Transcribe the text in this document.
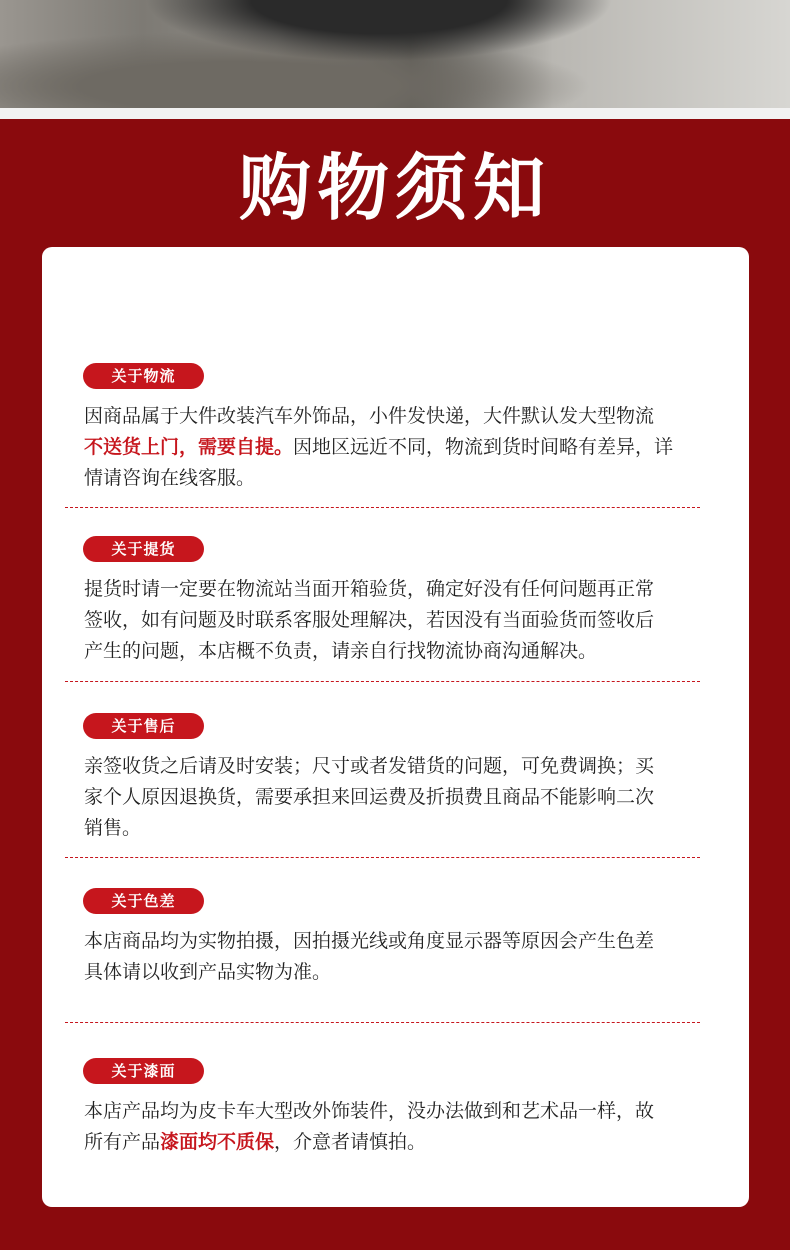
购物须知
关于物流
因商品属于大件改装汽车外饰品，小件发快递，大件默认发大型物流
不送货上门，需要自提。因地区远近不同，物流到货时间略有差异，详
情请咨询在线客服。
关于提货
提货时请一定要在物流站当面开箱验货，确定好没有任何问题再正常
签收，如有问题及时联系客服处理解决，若因没有当面验货而签收后
产生的问题，本店概不负责，请亲自行找物流协商沟通解决。
关于售后
亲签收货之后请及时安装；尺寸或者发错货的问题，可免费调换；买
家个人原因退换货，需要承担来回运费及折损费且商品不能影响二次
销售。
关于色差
本店商品均为实物拍摄，因拍摄光线或角度显示器等原因会产生色差
具体请以收到产品实物为准。
关于漆面
本店产品均为皮卡车大型改外饰装件，没办法做到和艺术品一样，故
所有产品漆面均不质保，介意者请慎拍。
